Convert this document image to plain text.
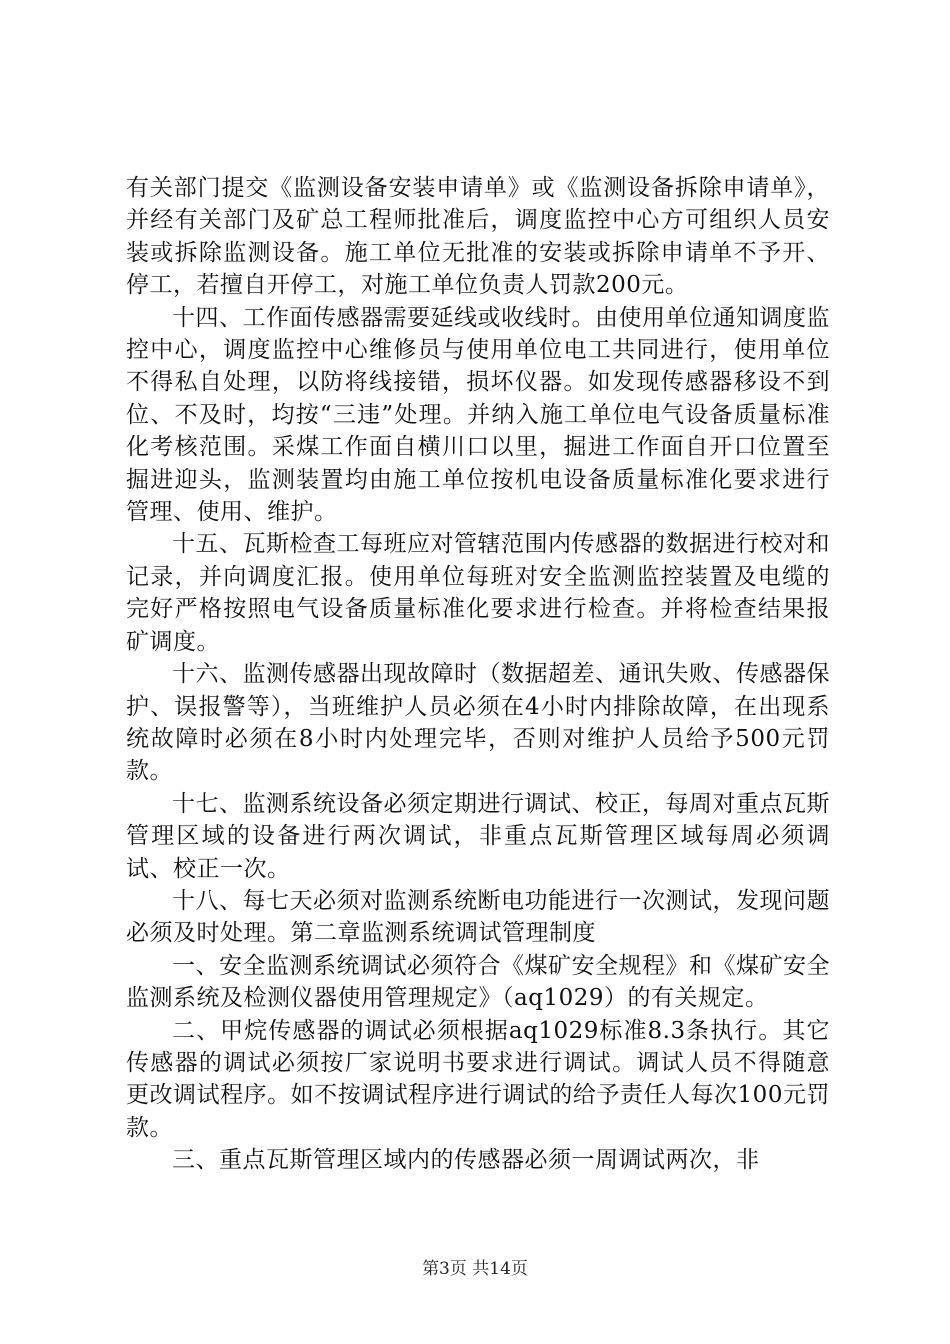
有关部门提交《监测设备安装申请单》或《监测设备拆除申请单》，并经有关部门及矿总工程师批准后，调度监控中心方可组织人员安装或拆除监测设备。施工单位无批准的安装或拆除申请单不予开、停工，若擅自开停工，对施工单位负责人罚款200元。

十四、工作面传感器需要延线或收线时。由使用单位通知调度监控中心，调度监控中心维修员与使用单位电工共同进行，使用单位不得私自处理，以防将线接错，损坏仪器。如发现传感器移设不到位、不及时，均按“三违”处理。并纳入施工单位电气设备质量标准化考核范围。采煤工作面自横川口以里，掘进工作面自开口位置至掘进迎头，监测装置均由施工单位按机电设备质量标准化要求进行管理、使用、维护。

十五、瓦斯检查工每班应对管辖范围内传感器的数据进行校对和记录，并向调度汇报。使用单位每班对安全监测监控装置及电缆的完好严格按照电气设备质量标准化要求进行检查。并将检查结果报矿调度。

十六、监测传感器出现故障时（数据超差、通讯失败、传感器保护、误报警等），当班维护人员必须在4小时内排除故障，在出现系统故障时必须在8小时内处理完毕，否则对维护人员给予500元罚款。

十七、监测系统设备必须定期进行调试、校正，每周对重点瓦斯管理区域的设备进行两次调试，非重点瓦斯管理区域每周必须调试、校正一次。

十八、每七天必须对监测系统断电功能进行一次测试，发现问题必须及时处理。第二章监测系统调试管理制度

一、安全监测系统调试必须符合《煤矿安全规程》和《煤矿安全监测系统及检测仪器使用管理规定》（aq1029）的有关规定。

二、甲烷传感器的调试必须根据aq1029标准8.3条执行。其它传感器的调试必须按厂家说明书要求进行调试。调试人员不得随意更改调试程序。如不按调试程序进行调试的给予责任人每次100元罚款。

三、重点瓦斯管理区域内的传感器必须一周调试两次，非

第3页 共14页
